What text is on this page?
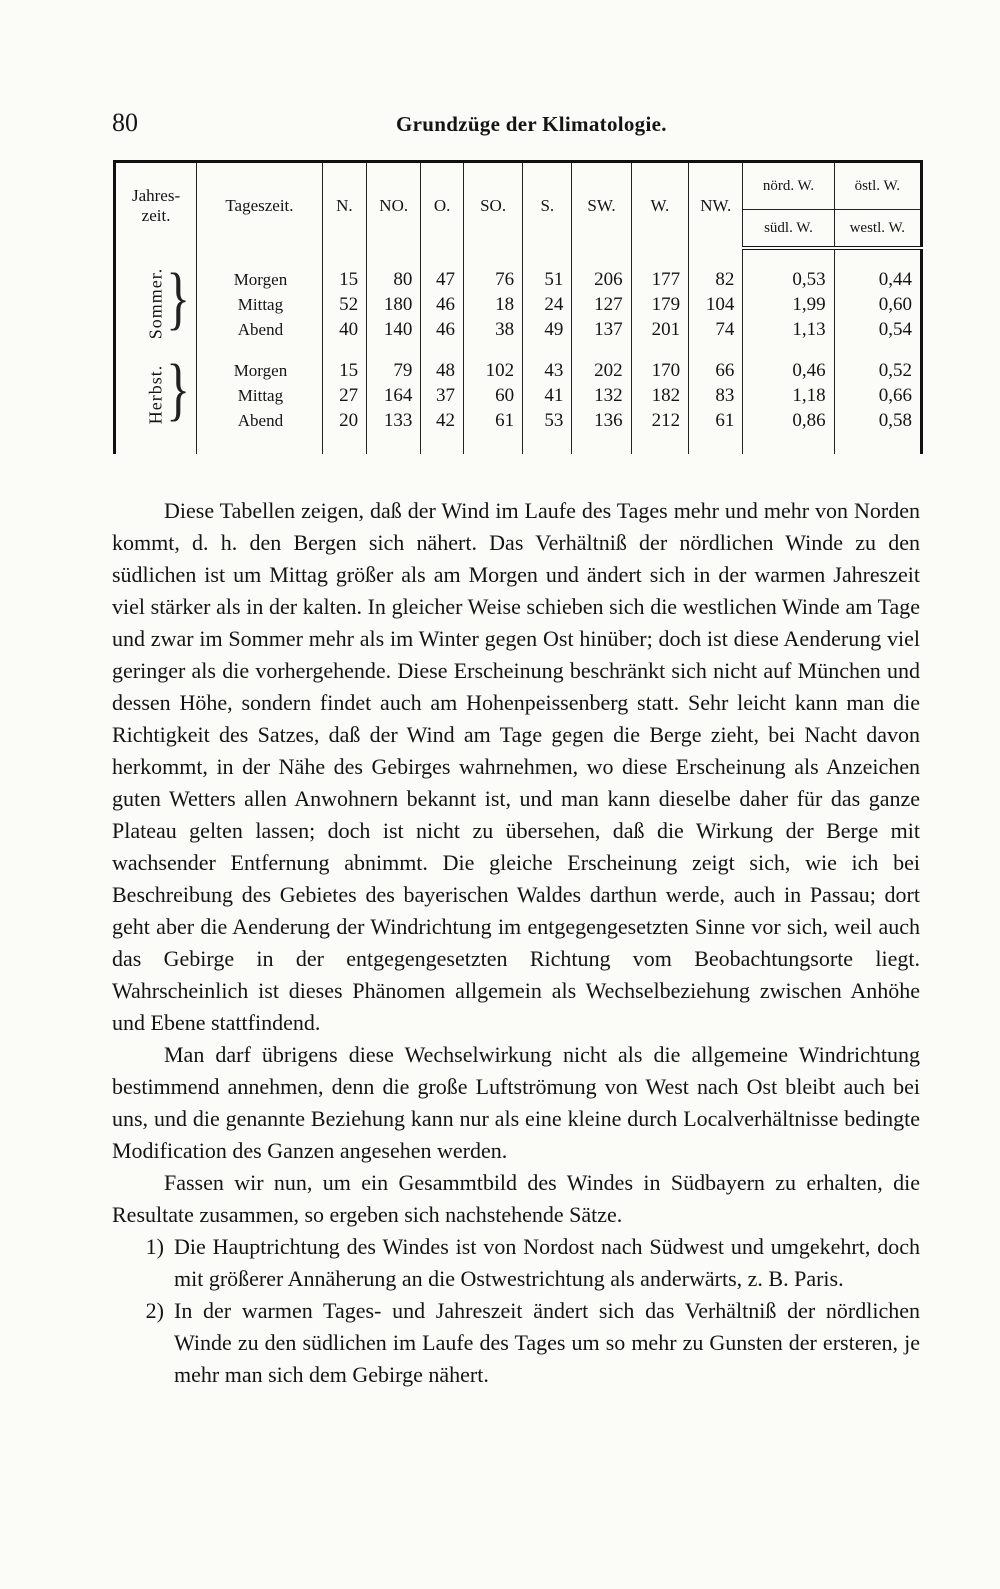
80	Grundzüge der Klimatologie.
Jahres-
zeit.	Tageszeit.	N.	NO.	O.	SO.	S.	SW.	W.	NW.	nörd. W.	östl. W.
										südl. W.	westl. W.

Sommer. }	Morgen	15	80	47	76	51	206	177	82	0,53	0,44
	Mittag	52	180	46	18	24	127	179	104	1,99	0,60
	Abend	40	140	46	38	49	137	201	74	1,13	0,54

Herbst. }	Morgen	15	79	48	102	43	202	170	66	0,46	0,52
	Mittag	27	164	37	60	41	132	182	83	1,18	0,66
	Abend	20	133	42	61	53	136	212	61	0,86	0,58

Diese Tabellen zeigen, daß der Wind im Laufe des Tages mehr und mehr von Norden kommt, d. h. den Bergen sich nähert. Das Verhältniß der nördlichen Winde zu den südlichen ist um Mittag größer als am Morgen und ändert sich in der warmen Jahreszeit viel stärker als in der kalten. In gleicher Weise schieben sich die westlichen Winde am Tage und zwar im Sommer mehr als im Winter gegen Ost hinüber; doch ist diese Aenderung viel geringer als die vorhergehende. Diese Erscheinung beschränkt sich nicht auf München und dessen Höhe, sondern findet auch am Hohenpeissenberg statt. Sehr leicht kann man die Richtigkeit des Satzes, daß der Wind am Tage gegen die Berge zieht, bei Nacht davon herkommt, in der Nähe des Gebirges wahrnehmen, wo diese Erscheinung als Anzeichen guten Wetters allen Anwohnern bekannt ist, und man kann dieselbe daher für das ganze Plateau gelten lassen; doch ist nicht zu übersehen, daß die Wirkung der Berge mit wachsender Entfernung abnimmt. Die gleiche Erscheinung zeigt sich, wie ich bei Beschreibung des Gebietes des bayerischen Waldes darthun werde, auch in Passau; dort geht aber die Aenderung der Windrichtung im entgegengesetzten Sinne vor sich, weil auch das Gebirge in der entgegengesetzten Richtung vom Beobachtungsorte liegt. Wahrscheinlich ist dieses Phänomen allgemein als Wechselbeziehung zwischen Anhöhe und Ebene stattfindend.

Man darf übrigens diese Wechselwirkung nicht als die allgemeine Windrichtung bestimmend annehmen, denn die große Luftströmung von West nach Ost bleibt auch bei uns, und die genannte Beziehung kann nur als eine kleine durch Localverhältnisse bedingte Modification des Ganzen angesehen werden.

Fassen wir nun, um ein Gesammtbild des Windes in Südbayern zu erhalten, die Resultate zusammen, so ergeben sich nachstehende Sätze.

1) Die Hauptrichtung des Windes ist von Nordost nach Südwest und umgekehrt, doch mit größerer Annäherung an die Ostwestrichtung als anderwärts, z. B. Paris.
2) In der warmen Tages- und Jahreszeit ändert sich das Verhältniß der nördlichen Winde zu den südlichen im Laufe des Tages um so mehr zu Gunsten der ersteren, je mehr man sich dem Gebirge nähert.
